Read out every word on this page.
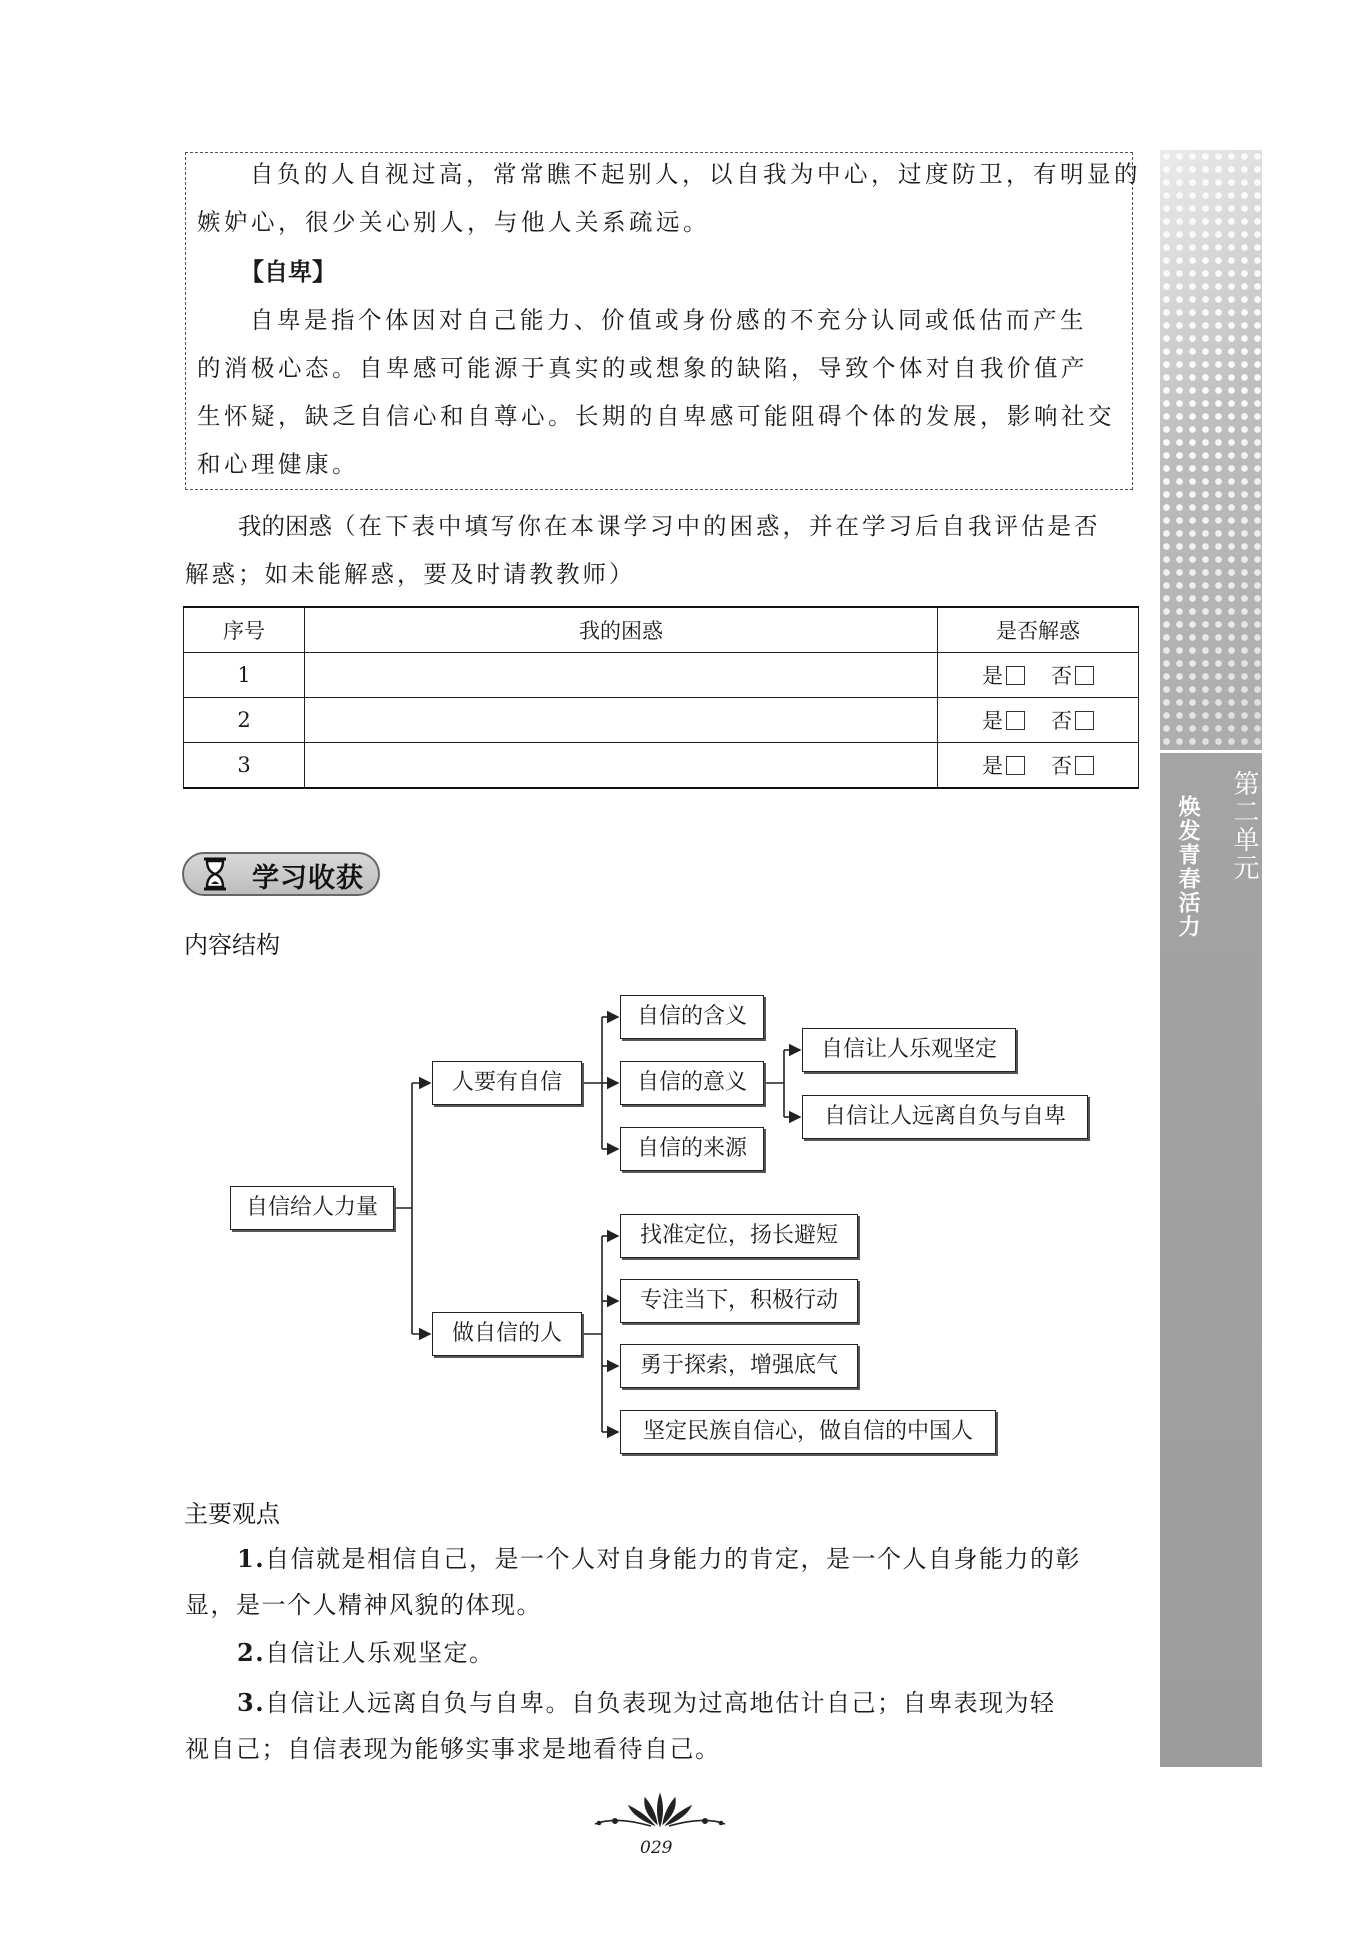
第二单元
焕发青春活力

自负的人自视过高，常常瞧不起别人，以自我为中心，过度防卫，有明显的

嫉妒心，很少关心别人，与他人关系疏远。

【自卑】

自卑是指个体因对自己能力、价值或身份感的不充分认同或低估而产生

的消极心态。自卑感可能源于真实的或想象的缺陷，导致个体对自我价值产

生怀疑，缺乏自信心和自尊心。长期的自卑感可能阻碍个体的发展，影响社交

和心理健康。

我的困惑（在下表中填写你在本课学习中的困惑，并在学习后自我评估是否

解惑；如未能解惑，要及时请教教师）

序号	我的困惑	是否解惑
1		是 否
2		是 否
3		是 否
学习收获
内容结构
自信给人力量
人要有自信
做自信的人
自信的含义
自信的意义
自信的来源
自信让人乐观坚定
自信让人远离自负与自卑
找准定位，扬长避短
专注当下，积极行动
勇于探索，增强底气
坚定民族自信心，做自信的中国人
主要观点

1.自信就是相信自己，是一个人对自身能力的肯定，是一个人自身能力的彰

显，是一个人精神风貌的体现。

2.自信让人乐观坚定。

3.自信让人远离自负与自卑。自负表现为过高地估计自己；自卑表现为轻

视自己；自信表现为能够实事求是地看待自己。

029
